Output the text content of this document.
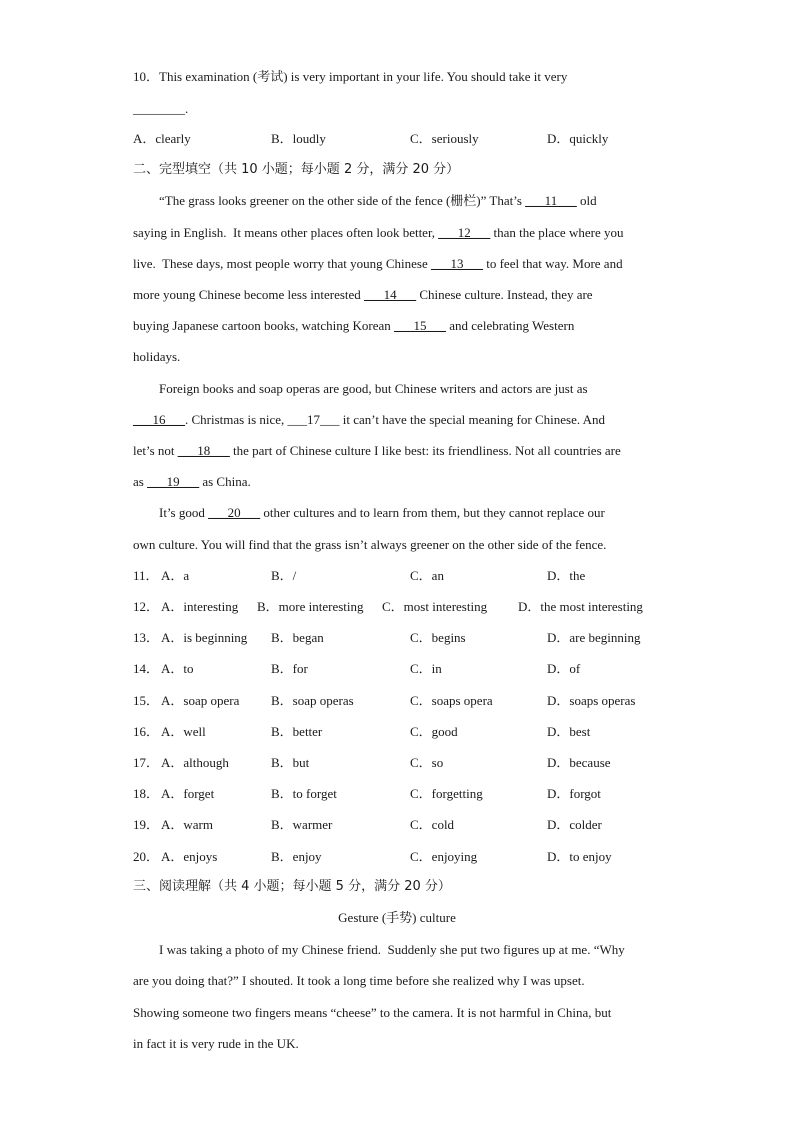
10．This examination (考试) is very important in your life. You should take it very
________.
A．clearly	B．loudly	C．seriously	D．quickly
二、完型填空（共 10 小题；每小题 2 分，满分 20 分）
“The grass looks greener on the other side of the fence (栅栏)” That’s ___11___ old
saying in English.  It means other places often look better, ___12___ than the place where you
live.  These days, most people worry that young Chinese ___13___ to feel that way. More and
more young Chinese become less interested ___14___ Chinese culture. Instead, they are
buying Japanese cartoon books, watching Korean ___15___ and celebrating Western
holidays.
Foreign books and soap operas are good, but Chinese writers and actors are just as
___16___. Christmas is nice, ___17___ it can’t have the special meaning for Chinese. And
let’s not ___18___ the part of Chinese culture I like best: its friendliness. Not all countries are
as ___19___ as China.
It’s good ___20___ other cultures and to learn from them, but they cannot replace our
own culture. You will find that the grass isn’t always greener on the other side of the fence.
11． A．a	B．/	C．an	D．the
12． A．interesting B．more interesting C．most interesting D．the most interesting
13． A．is beginning B．began	C．begins	D．are beginning
14． A．to	B．for	C．in	D．of
15． A．soap opera B．soap operas	C．soaps opera	D．soaps operas
16． A．well	B．better	C．good	D．best
17． A．although	B．but	C．so	D．because
18． A．forget	B．to forget	C．forgetting	D．forgot
19． A．warm	B．warmer	C．cold	D．colder
20． A．enjoys	B．enjoy	C．enjoying	D．to enjoy
三、阅读理解（共 4 小题；每小题 5 分，满分 20 分）
Gesture (手势) culture
I was taking a photo of my Chinese friend.  Suddenly she put two figures up at me. “Why
are you doing that?” I shouted. It took a long time before she realized why I was upset.
Showing someone two fingers means “cheese” to the camera. It is not harmful in China, but
in fact it is very rude in the UK.
